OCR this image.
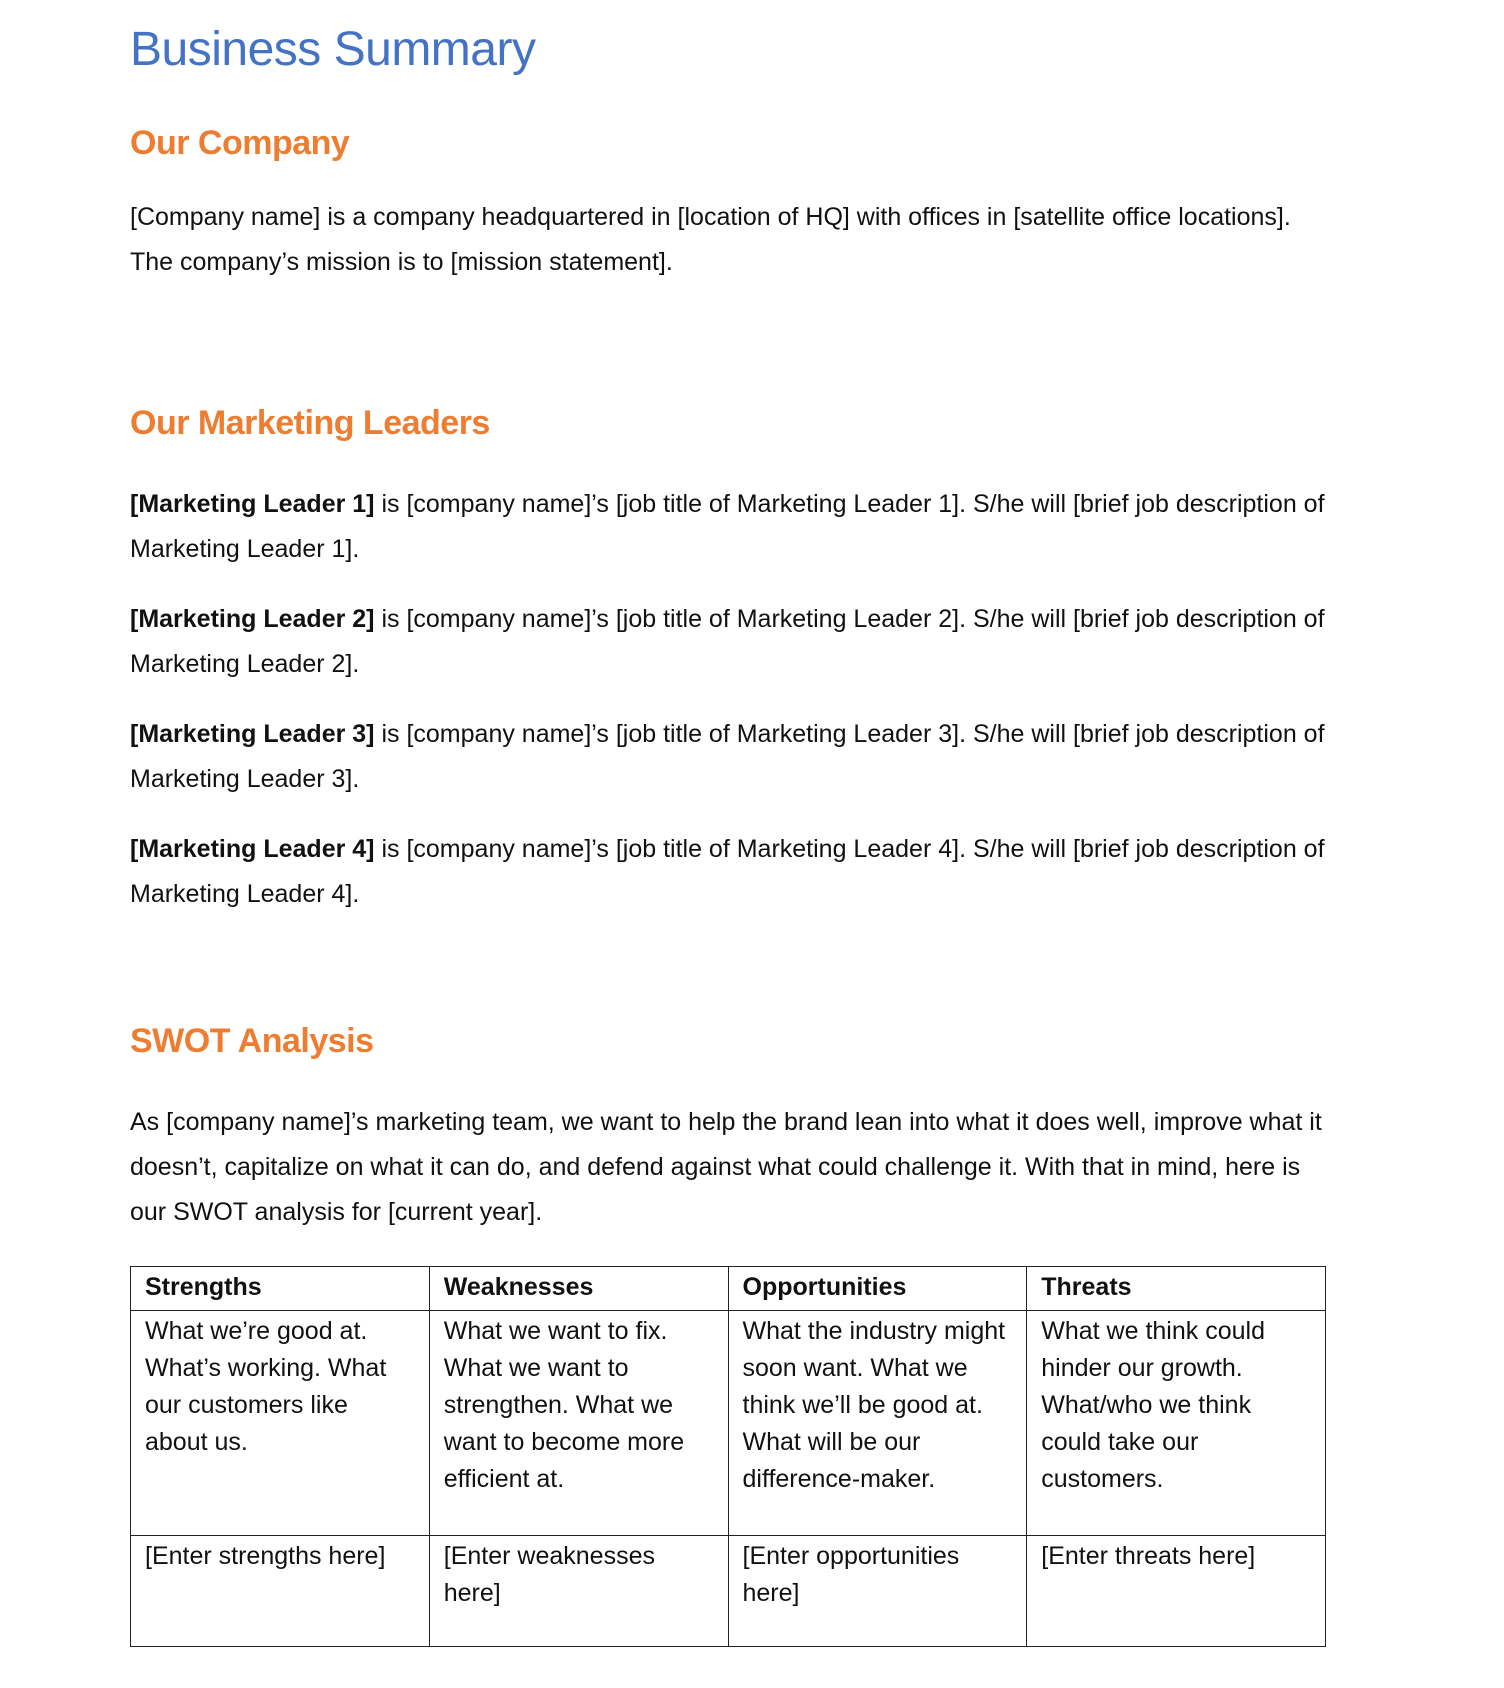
Business Summary
Our Company

[Company name] is a company headquartered in [location of HQ] with offices in [satellite office locations]. The company’s mission is to [mission statement].

Our Marketing Leaders

[Marketing Leader 1] is [company name]’s [job title of Marketing Leader 1]. S/he will [brief job description of Marketing Leader 1].

[Marketing Leader 2] is [company name]’s [job title of Marketing Leader 2]. S/he will [brief job description of Marketing Leader 2].

[Marketing Leader 3] is [company name]’s [job title of Marketing Leader 3]. S/he will [brief job description of Marketing Leader 3].

[Marketing Leader 4] is [company name]’s [job title of Marketing Leader 4]. S/he will [brief job description of Marketing Leader 4].

SWOT Analysis

As [company name]’s marketing team, we want to help the brand lean into what it does well, improve what it doesn’t, capitalize on what it can do, and defend against what could challenge it. With that in mind, here is our SWOT analysis for [current year].

Strengths	Weaknesses	Opportunities	Threats
What we’re good at. What’s working. What our customers like about us.	What we want to fix. What we want to strengthen. What we want to become more efficient at.	What the industry might soon want. What we think we’ll be good at. What will be our difference-maker.	What we think could hinder our growth. What/who we think could take our customers.
[Enter strengths here]	[Enter weaknesses here]	[Enter opportunities here]	[Enter threats here]
